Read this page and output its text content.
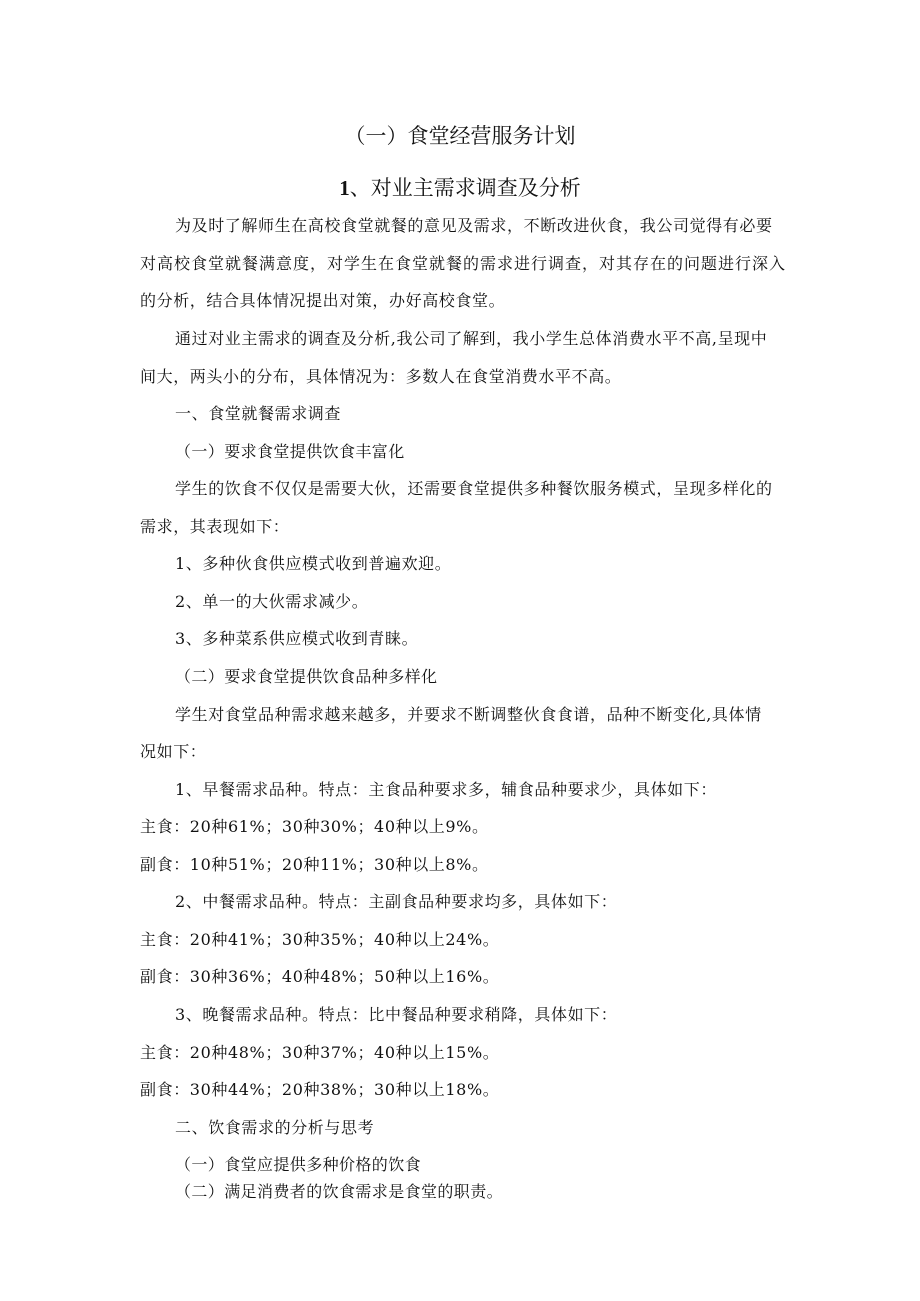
（一）食堂经营服务计划
1、对业主需求调查及分析
为及时了解师生在高校食堂就餐的意见及需求，不断改进伙食，我公司觉得有必要
对高校食堂就餐满意度，对学生在食堂就餐的需求进行调查，对其存在的问题进行深入
的分析，结合具体情况提出对策，办好高校食堂。
通过对业主需求的调查及分析,我公司了解到，我小学生总体消费水平不高,呈现中
间大，两头小的分布，具体情况为：多数人在食堂消费水平不高。
一、食堂就餐需求调查
（一）要求食堂提供饮食丰富化
学生的饮食不仅仅是需要大伙，还需要食堂提供多种餐饮服务模式，呈现多样化的
需求，其表现如下：
1、多种伙食供应模式收到普遍欢迎。
2、单一的大伙需求减少。
3、多种菜系供应模式收到青睐。
（二）要求食堂提供饮食品种多样化
学生对食堂品种需求越来越多，并要求不断调整伙食食谱，品种不断变化,具体情
况如下：
1、早餐需求品种。特点：主食品种要求多，辅食品种要求少，具体如下：
主食：20种61%；30种30%；40种以上9%。
副食：10种51%；20种11%；30种以上8%。
2、中餐需求品种。特点：主副食品种要求均多，具体如下：
主食：20种41%；30种35%；40种以上24%。
副食：30种36%；40种48%；50种以上16%。
3、晚餐需求品种。特点：比中餐品种要求稍降，具体如下：
主食：20种48%；30种37%；40种以上15%。
副食：30种44%；20种38%；30种以上18%。
二、饮食需求的分析与思考
（一）食堂应提供多种价格的饮食
（二）满足消费者的饮食需求是食堂的职责。
